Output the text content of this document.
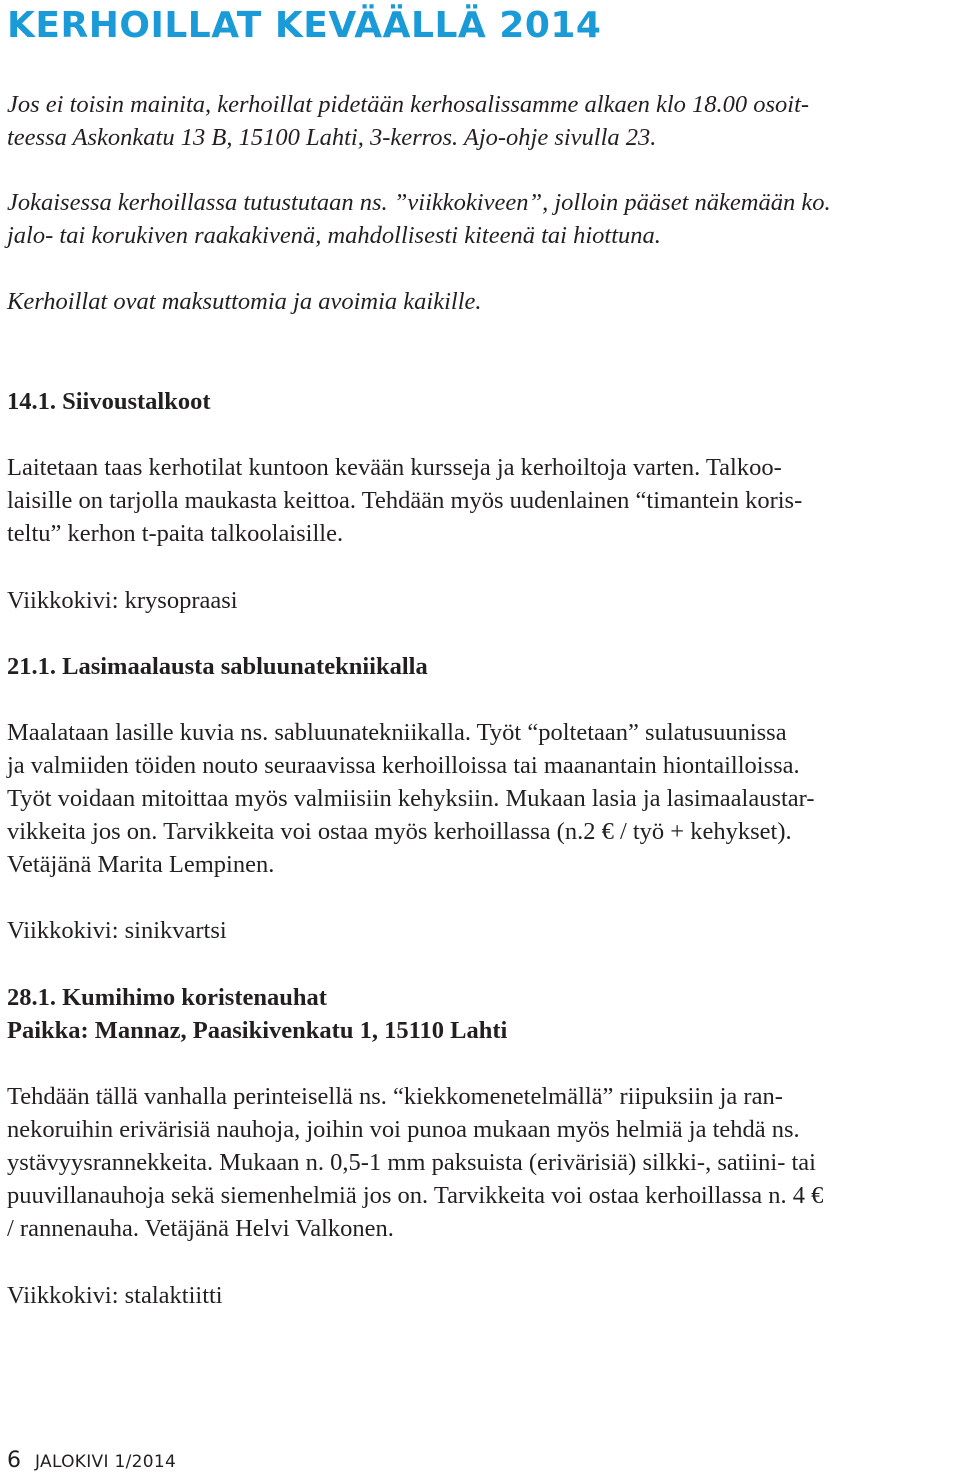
KERHOILLAT KEVÄÄLLÄ 2014

Jos ei toisin mainita, kerhoillat pidetään kerhosalissamme alkaen klo 18.00 osoit-
teessa Askonkatu 13 B, 15100 Lahti, 3-kerros. Ajo-ohje sivulla 23.

Jokaisessa kerhoillassa tutustutaan ns. ”viikkokiveen”, jolloin pääset näkemään ko.
jalo- tai korukiven raakakivenä, mahdollisesti kiteenä tai hiottuna.

Kerhoillat ovat maksuttomia ja avoimia kaikille.

14.1. Siivoustalkoot

Laitetaan taas kerhotilat kuntoon kevään kursseja ja kerhoiltoja varten. Talkoo-
laisille on tarjolla maukasta keittoa. Tehdään myös uudenlainen “timantein koris-
teltu” kerhon t-paita talkoolaisille.

Viikkokivi: krysopraasi

21.1. Lasimaalausta sabluunatekniikalla

Maalataan lasille kuvia ns. sabluunatekniikalla. Työt “poltetaan” sulatusuunissa
ja valmiiden töiden nouto seuraavissa kerhoilloissa tai maanantain hiontailloissa.
Työt voidaan mitoittaa myös valmiisiin kehyksiin. Mukaan lasia ja lasimaalaustar-
vikkeita jos on. Tarvikkeita voi ostaa myös kerhoillassa (n.2 € / työ + kehykset).
Vetäjänä Marita Lempinen.

Viikkokivi: sinikvartsi

28.1. Kumihimo koristenauhat
Paikka: Mannaz, Paasikivenkatu 1, 15110 Lahti

Tehdään tällä vanhalla perinteisellä ns. “kiekkomenetelmällä” riipuksiin ja ran-
nekoruihin erivärisiä nauhoja, joihin voi punoa mukaan myös helmiä ja tehdä ns.
ystävyysrannekkeita. Mukaan n. 0,5-1 mm paksuista (erivärisiä) silkki-, satiini- tai
puuvillanauhoja sekä siemenhelmiä jos on. Tarvikkeita voi ostaa kerhoillassa n. 4 €
/ rannenauha. Vetäjänä Helvi Valkonen.

Viikkokivi: stalaktiitti

6 JALOKIVI 1/2014
